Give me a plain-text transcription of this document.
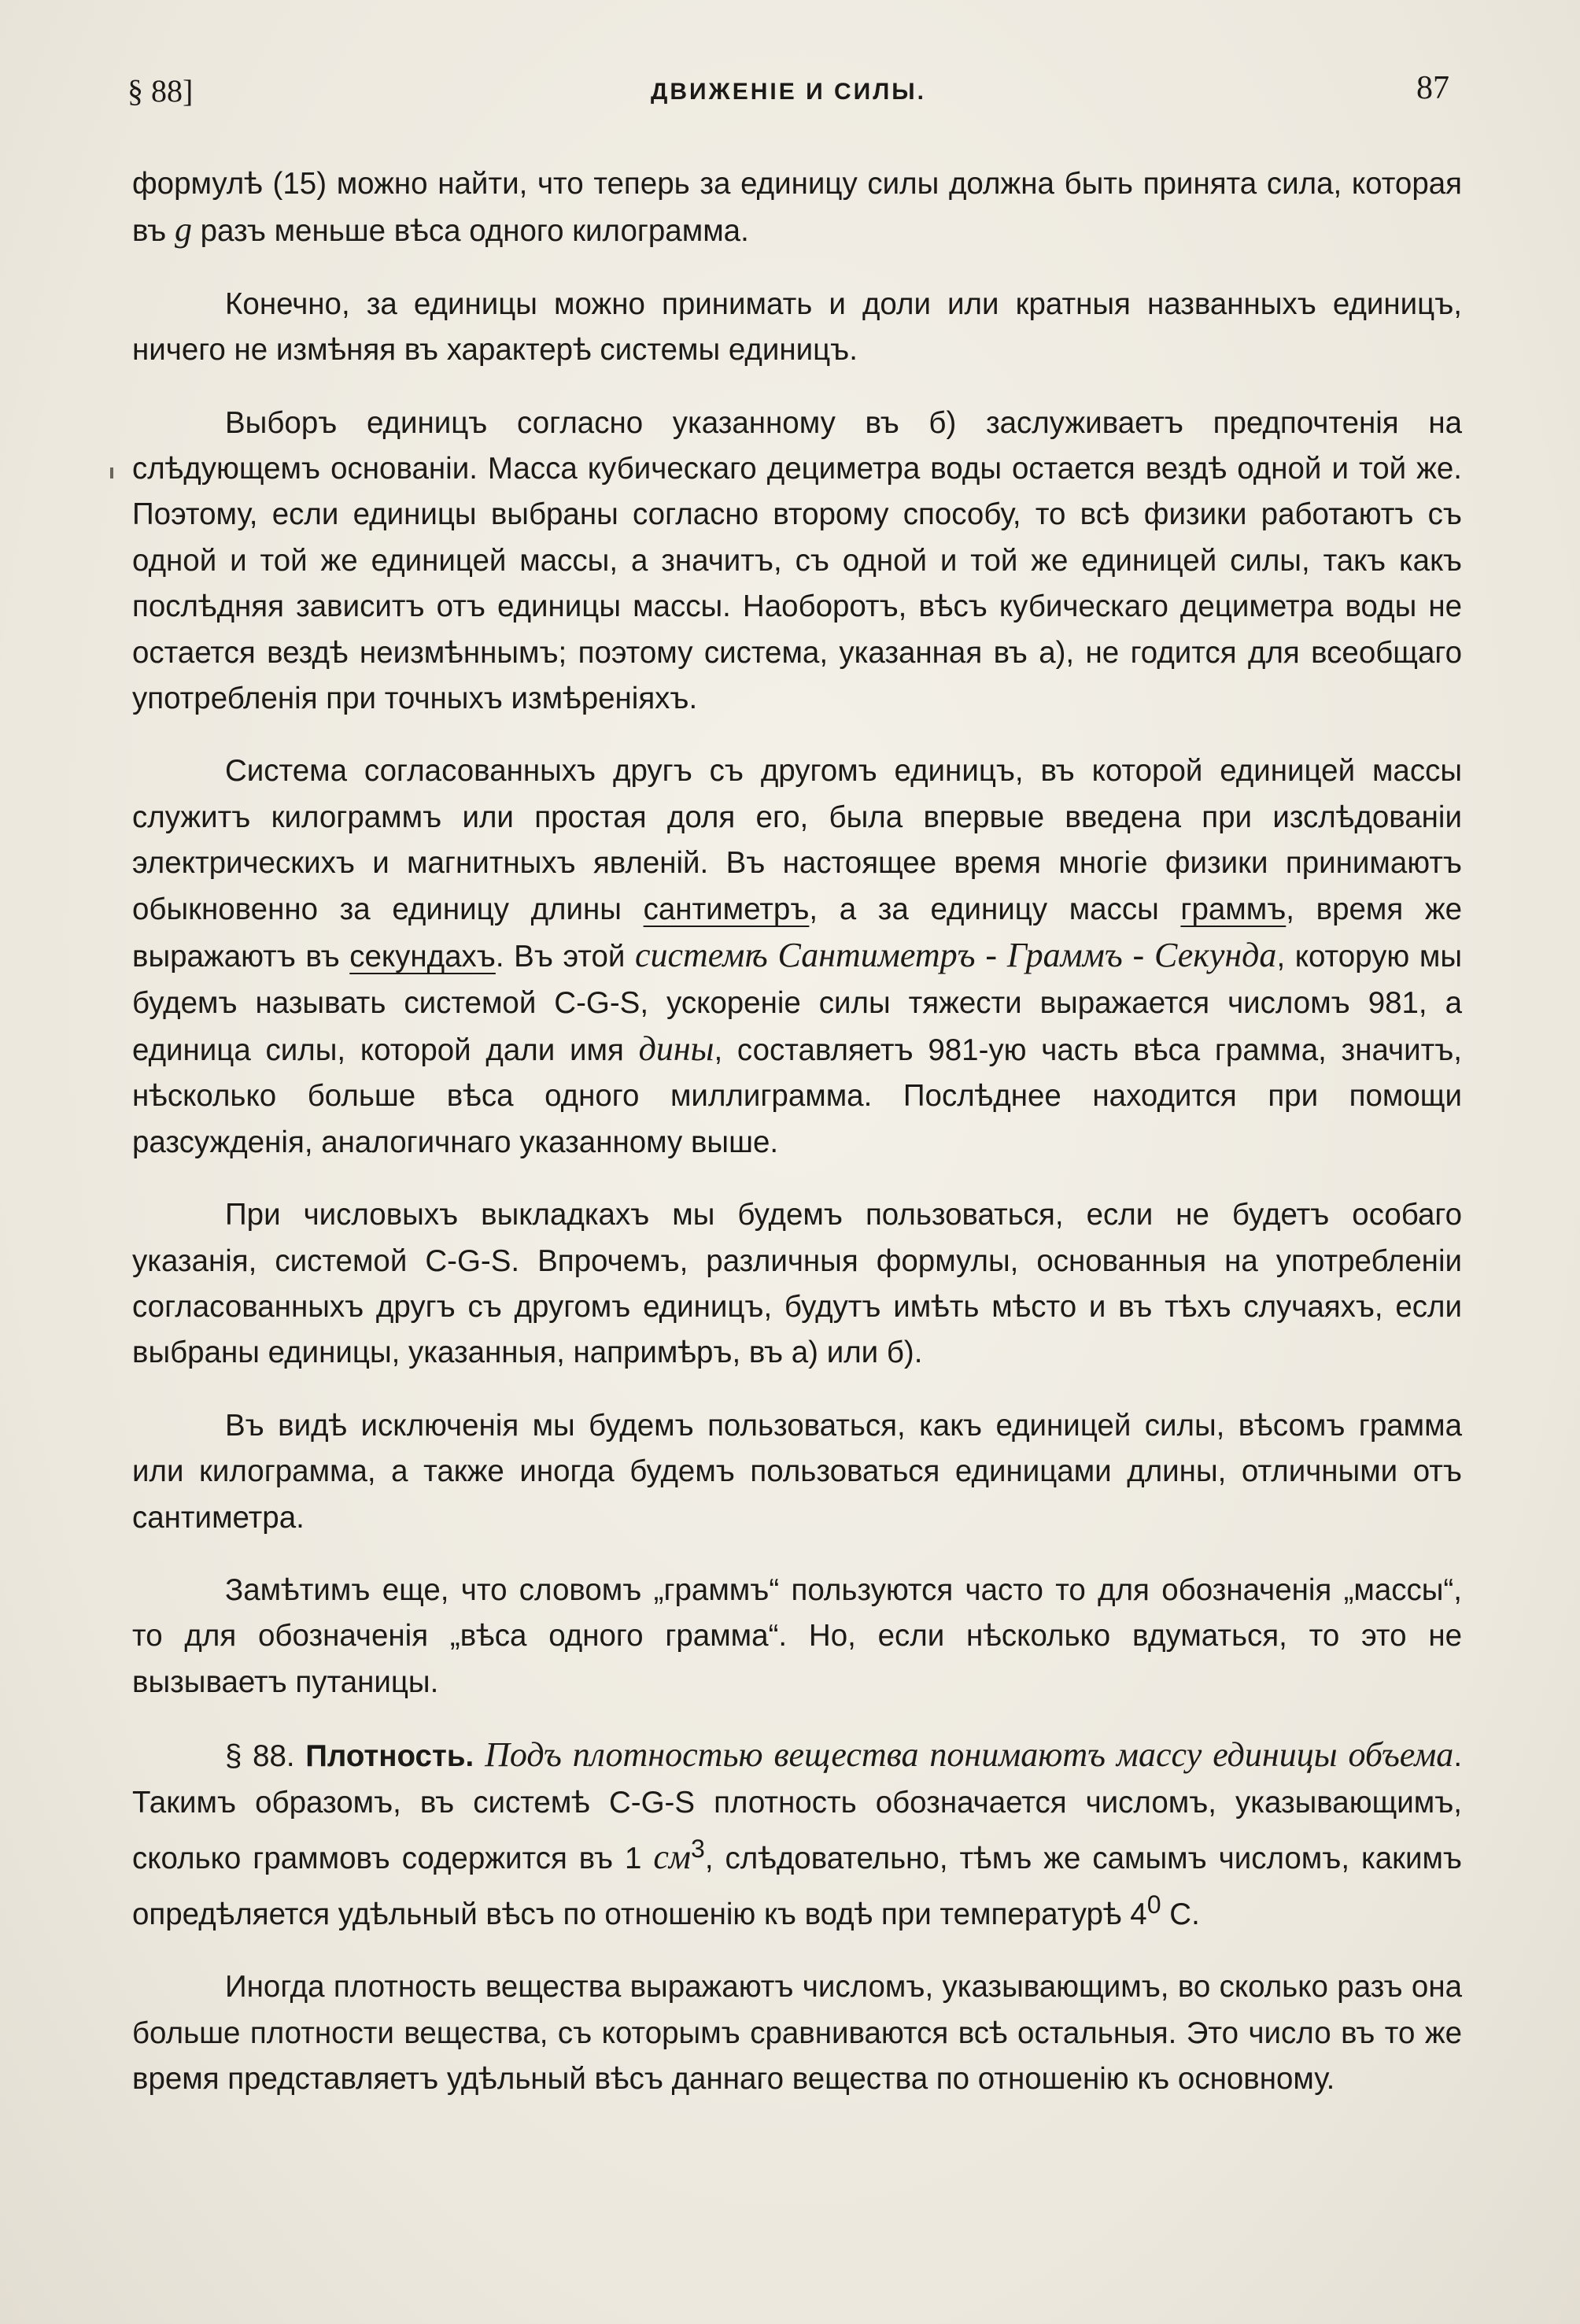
§ 88]	ДВИЖЕНІЕ И СИЛЫ.	87

формулѣ (15) можно найти, что теперь за единицу силы должна быть принята сила, которая въ g разъ меньше вѣса одного килограмма.

Конечно, за единицы можно принимать и доли или кратныя названныхъ единицъ, ничего не измѣняя въ характерѣ системы единицъ.

Выборъ единицъ согласно указанному въ б) заслуживаетъ предпочтенія на слѣдующемъ основаніи. Масса кубическаго дециметра воды остается вездѣ одной и той же. Поэтому, если единицы выбраны согласно второму способу, то всѣ физики работаютъ съ одной и той же единицей массы, а значитъ, съ одной и той же единицей силы, такъ какъ послѣдняя зависитъ отъ единицы массы. Наоборотъ, вѣсъ кубическаго дециметра воды не остается вездѣ неизмѣннымъ; поэтому система, указанная въ а), не годится для всеобщаго употребленія при точныхъ измѣреніяхъ.

Система согласованныхъ другъ съ другомъ единицъ, въ которой единицей массы служитъ килограммъ или простая доля его, была впервые введена при изслѣдованіи электрическихъ и магнитныхъ явленій. Въ настоящее время многіе физики принимаютъ обыкновенно за единицу длины сантиметръ, а за единицу массы граммъ, время же выражаютъ въ секундахъ. Въ этой системѣ Сантиметръ - Граммъ - Секунда, которую мы будемъ называть системой C-G-S, ускореніе силы тяжести выражается числомъ 981, а единица силы, которой дали имя дины, составляетъ 981-ую часть вѣса грамма, значитъ, нѣсколько больше вѣса одного миллиграмма. Послѣднее находится при помощи разсужденія, аналогичнаго указанному выше.

При числовыхъ выкладкахъ мы будемъ пользоваться, если не будетъ особаго указанія, системой C-G-S. Впрочемъ, различныя формулы, основанныя на употребленіи согласованныхъ другъ съ другомъ единицъ, будутъ имѣть мѣсто и въ тѣхъ случаяхъ, если выбраны единицы, указанныя, напримѣръ, въ а) или б).

Въ видѣ исключенія мы будемъ пользоваться, какъ единицей силы, вѣсомъ грамма или килограмма, а также иногда будемъ пользоваться единицами длины, отличными отъ сантиметра.

Замѣтимъ еще, что словомъ „граммъ“ пользуются часто то для обозначенія „массы“, то для обозначенія „вѣса одного грамма“. Но, если нѣсколько вдуматься, то это не вызываетъ путаницы.

§ 88. Плотность. Подъ плотностью вещества понимаютъ массу единицы объема. Такимъ образомъ, въ системѣ C-G-S плотность обозначается числомъ, указывающимъ, сколько граммовъ содержится въ 1 $см^3$, слѣдовательно, тѣмъ же самымъ числомъ, какимъ опредѣляется удѣльный вѣсъ по отношенію къ водѣ при температурѣ $4^0$ C.

Иногда плотность вещества выражаютъ числомъ, указывающимъ, во сколько разъ она больше плотности вещества, съ которымъ сравниваются всѣ остальныя. Это число въ то же время представляетъ удѣльный вѣсъ даннаго вещества по отношенію къ основному.
